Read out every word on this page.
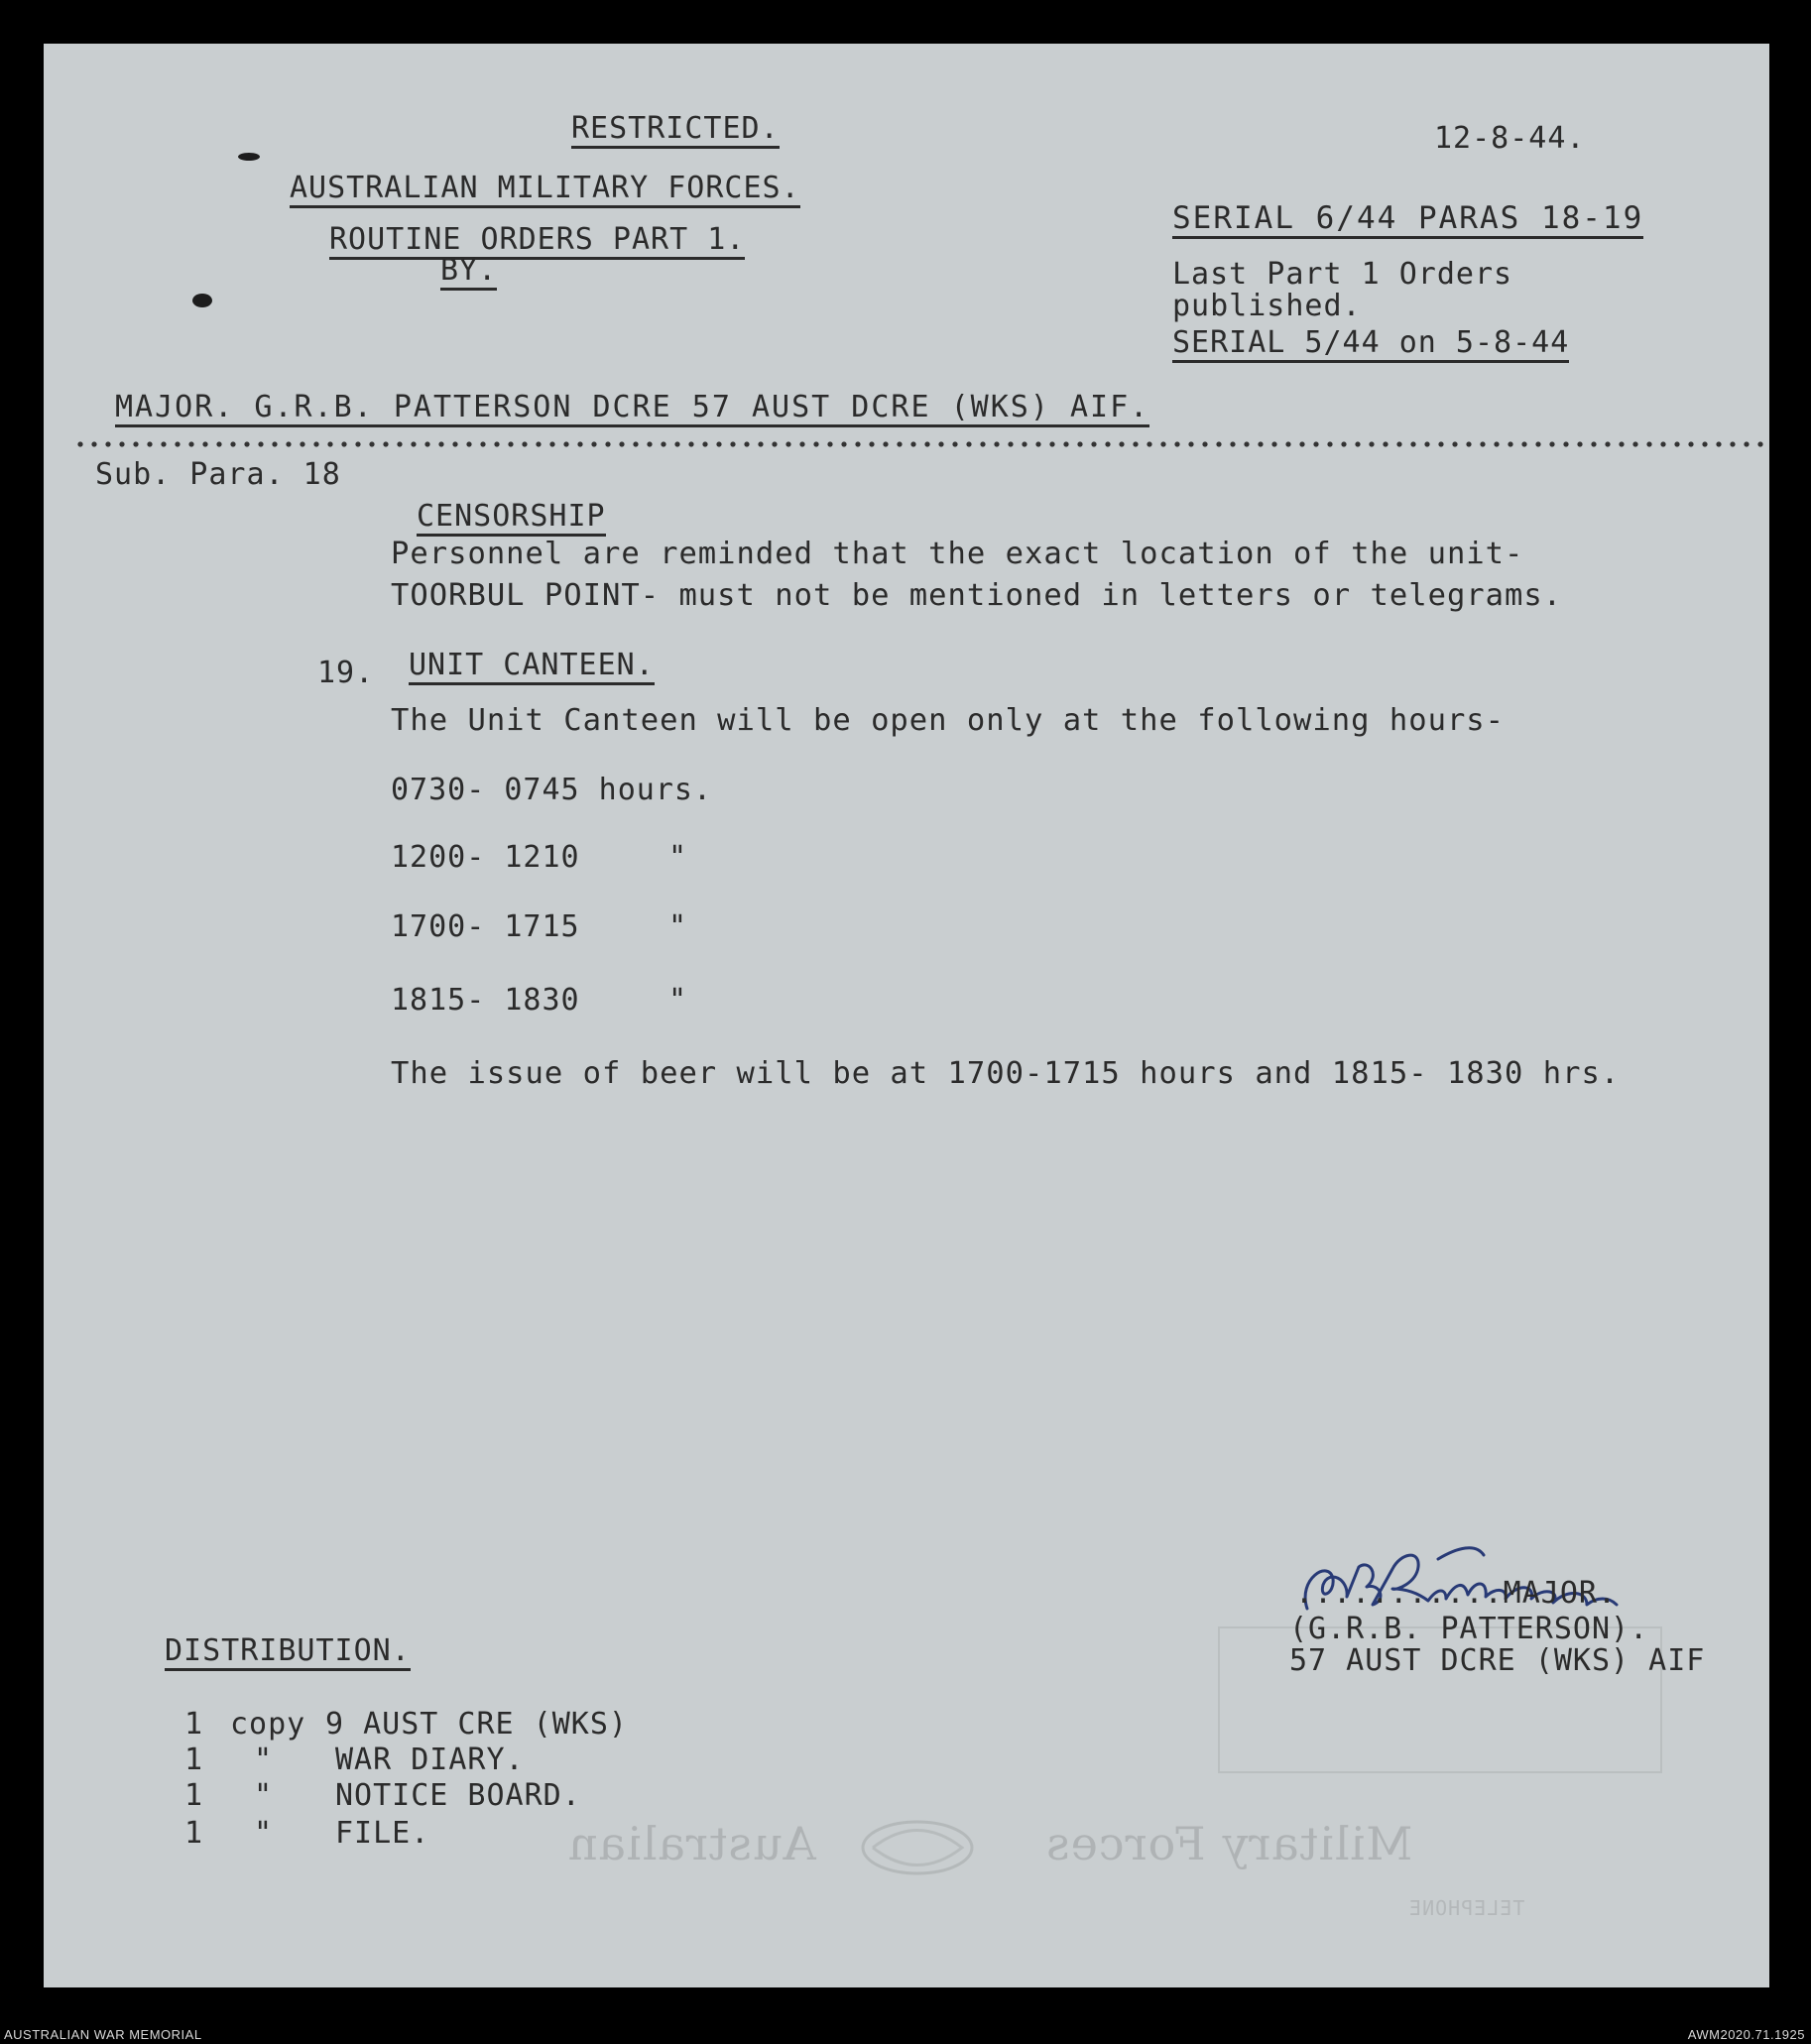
RESTRICTED.
AUSTRALIAN MILITARY FORCES.
ROUTINE ORDERS PART 1.
BY.
12-8-44.
SERIAL 6/44 PARAS 18-19
Last Part 1 Orders
published.
SERIAL 5/44 on 5-8-44
MAJOR. G.R.B. PATTERSON DCRE 57 AUST DCRE (WKS) AIF.
Sub. Para. 18
CENSORSHIP
Personnel are reminded that the exact location of the unit-
TOORBUL POINT- must not be mentioned in letters or telegrams.
19. UNIT CANTEEN.
The Unit Canteen will be open only at the following hours-
0730- 0745 hours.
1200- 1210	"
1700- 1715	"
1815- 1830	"
The issue of beer will be at 1700-1715 hours and 1815- 1830 hrs.
Australian	Military Forces
TELEPHONE
...........MAJOR.
(G.R.B. PATTERSON).
57 AUST DCRE (WKS) AIF
DISTRIBUTION.
1 copy 9 AUST CRE (WKS)
1 " WAR DIARY.
1 " NOTICE BOARD.
1 " FILE.
AUSTRALIAN WAR MEMORIAL	AWM2020.71.1925
